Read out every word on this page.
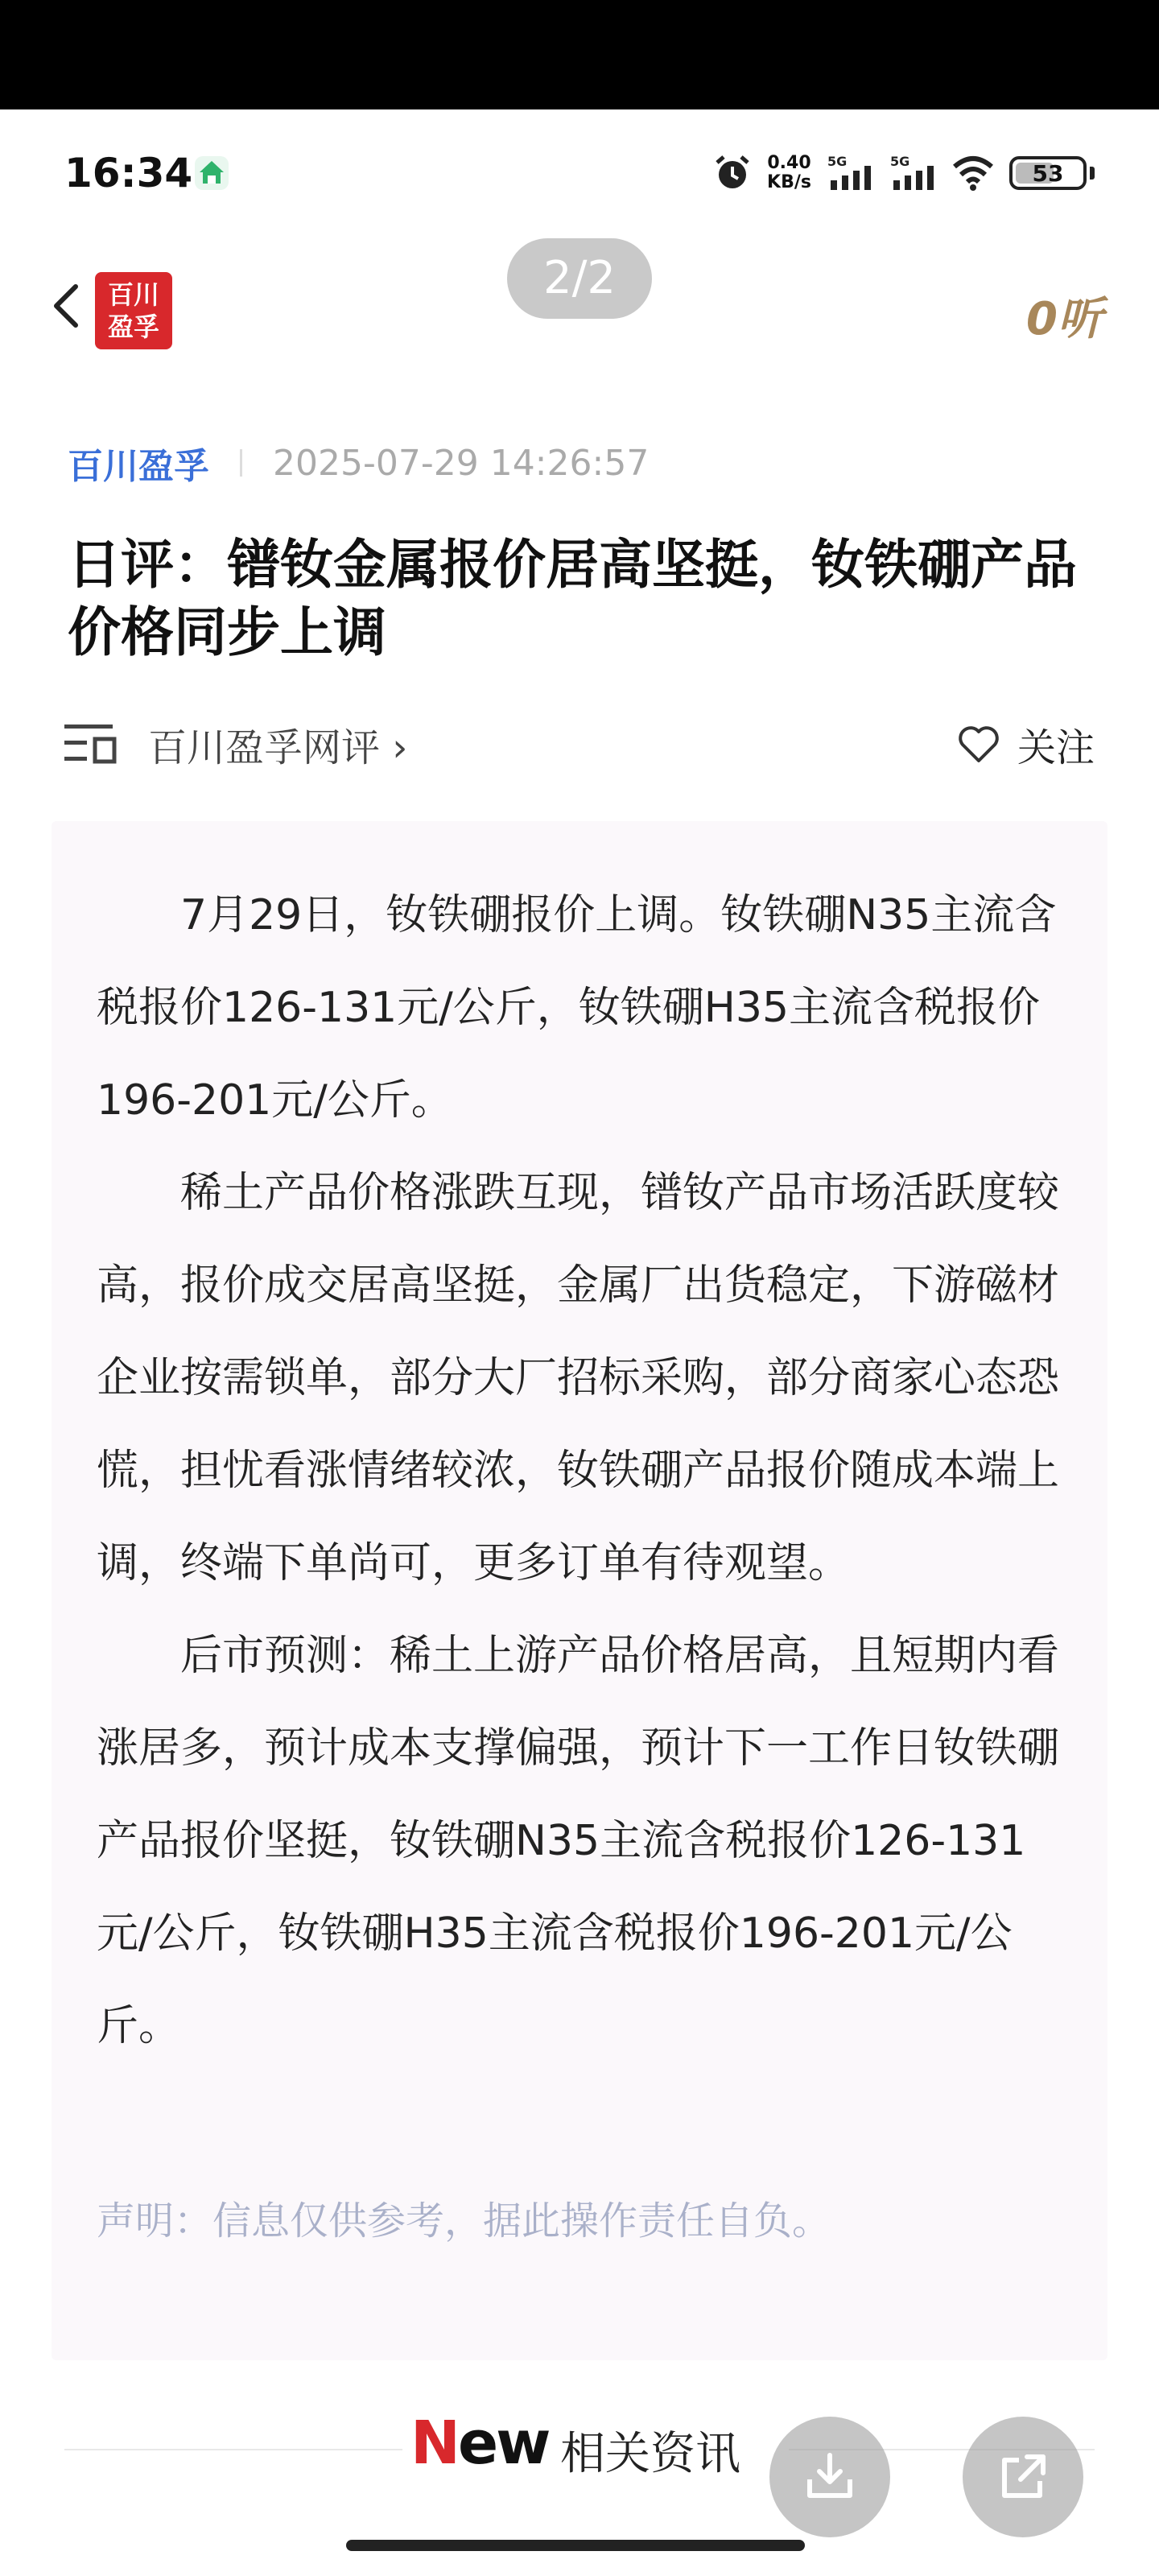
16:34	0.40
KB/s
5G	5G	53
百川
盈孚
2/2
0听
百川盈孚 2025-07-29 14:26:57
日评：镨钕金属报价居高坚挺，钕铁硼产品价格同步上调
百川盈孚网评 ›	关注

7月29日，钕铁硼报价上调。钕铁硼N35主流含税报价126-131元/公斤，钕铁硼H35主流含税报价196-201元/公斤。

稀土产品价格涨跌互现，镨钕产品市场活跃度较高，报价成交居高坚挺，金属厂出货稳定，下游磁材企业按需锁单，部分大厂招标采购，部分商家心态恐慌，担忧看涨情绪较浓，钕铁硼产品报价随成本端上调，终端下单尚可，更多订单有待观望。

后市预测：稀土上游产品价格居高，且短期内看涨居多，预计成本支撑偏强，预计下一工作日钕铁硼产品报价坚挺，钕铁硼N35主流含税报价126-131元/公斤，钕铁硼H35主流含税报价196-201元/公斤。

声明：信息仅供参考，据此操作责任自负。
New 相关资讯
